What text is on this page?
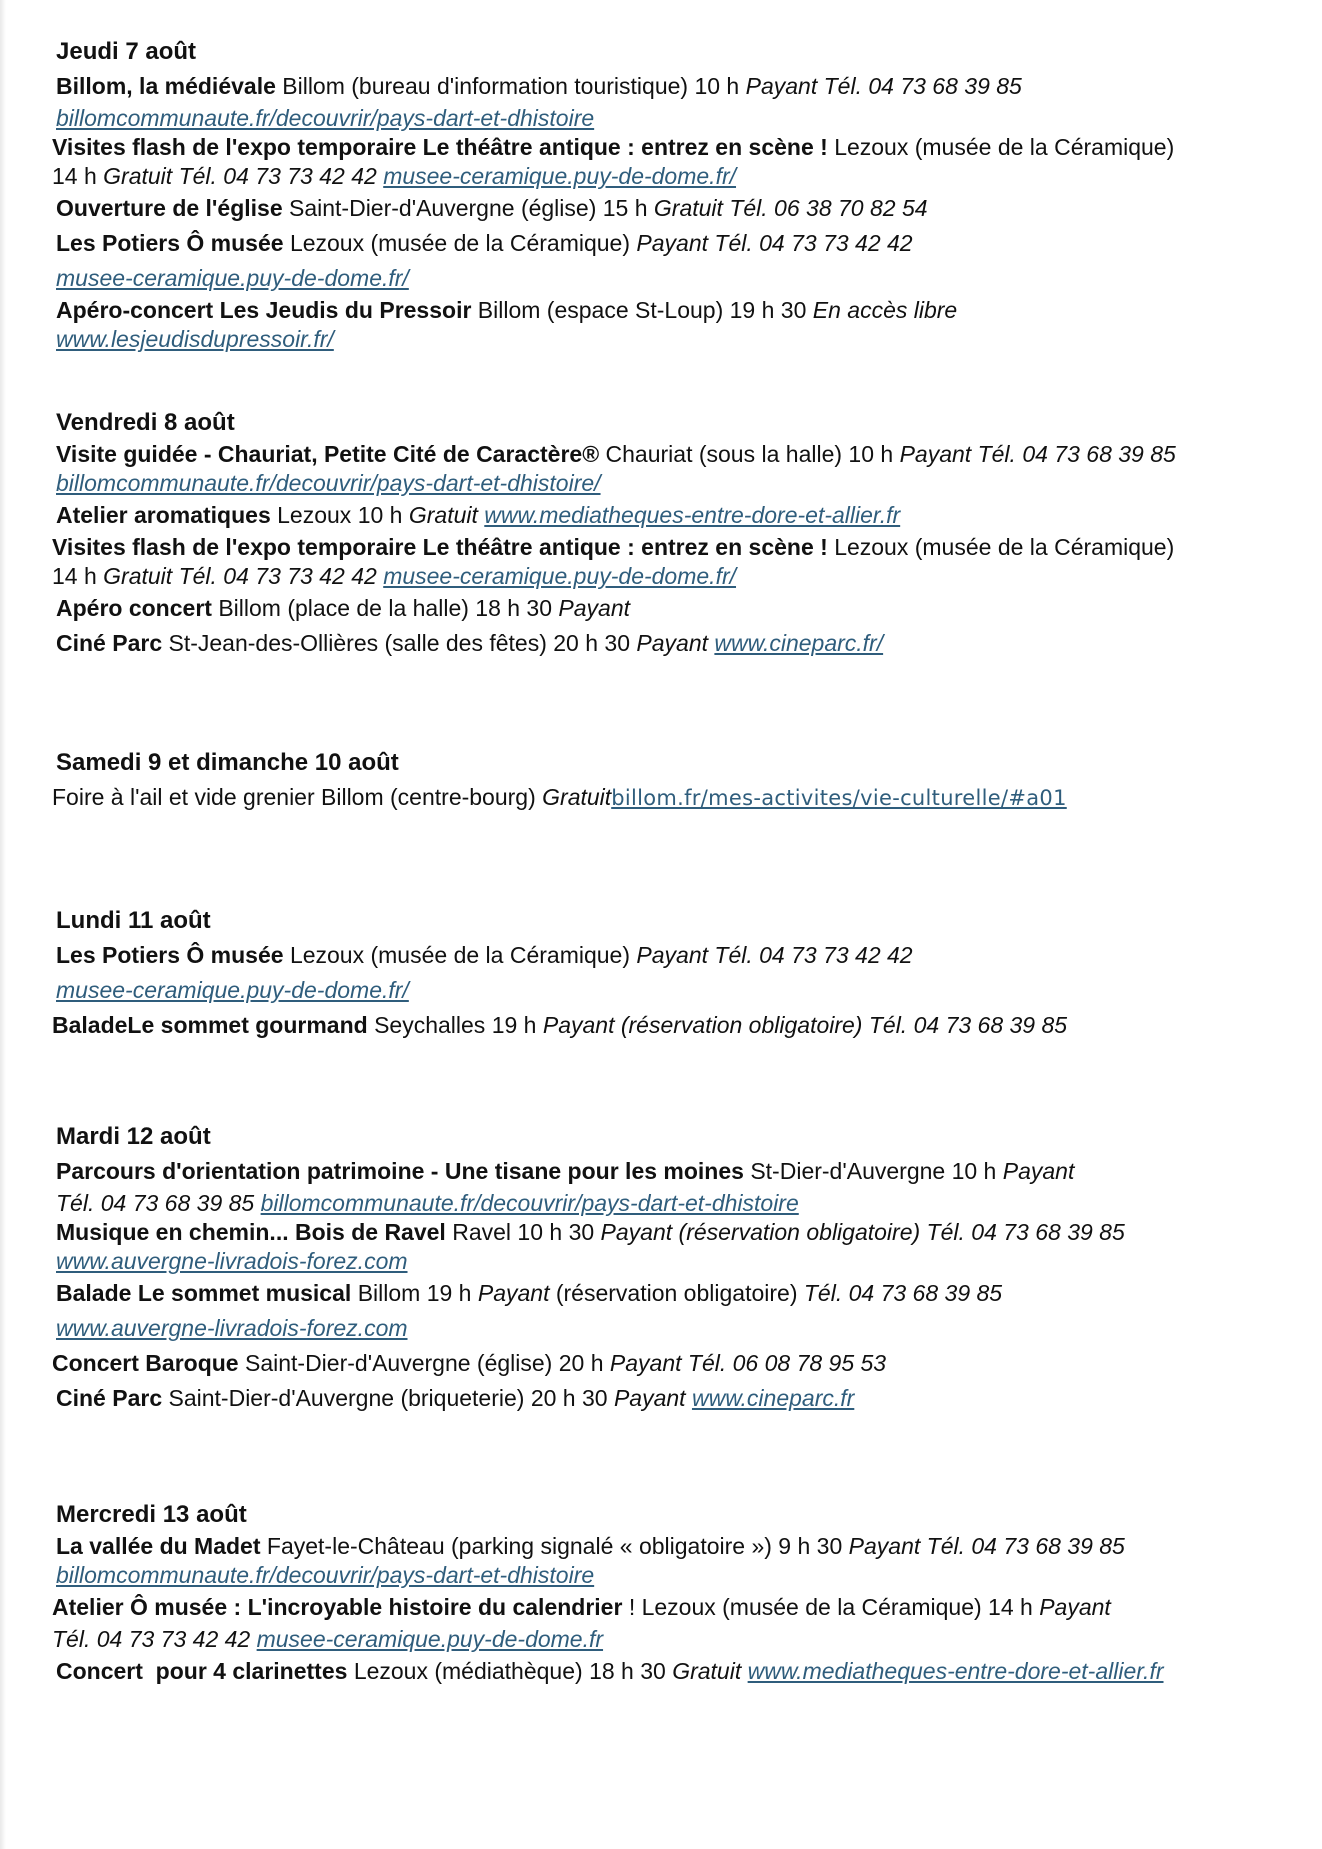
Jeudi 7 août
Billom, la médiévale Billom (bureau d'information touristique) 10 h Payant Tél. 04 73 68 39 85
billomcommunaute.fr/decouvrir/pays-dart-et-dhistoire
Visites flash de l'expo temporaire Le théâtre antique : entrez en scène ! Lezoux (musée de la Céramique)
14 h Gratuit Tél. 04 73 73 42 42 musee-ceramique.puy-de-dome.fr/
Ouverture de l'église Saint-Dier-d'Auvergne (église) 15 h Gratuit Tél. 06 38 70 82 54
Les Potiers Ô musée Lezoux (musée de la Céramique) Payant Tél. 04 73 73 42 42
musee-ceramique.puy-de-dome.fr/
Apéro-concert Les Jeudis du Pressoir Billom (espace St-Loup) 19 h 30 En accès libre
www.lesjeudisdupressoir.fr/
Vendredi 8 août
Visite guidée - Chauriat, Petite Cité de Caractère® Chauriat (sous la halle) 10 h Payant Tél. 04 73 68 39 85
billomcommunaute.fr/decouvrir/pays-dart-et-dhistoire/
Atelier aromatiques Lezoux 10 h Gratuit www.mediatheques-entre-dore-et-allier.fr
Visites flash de l'expo temporaire Le théâtre antique : entrez en scène ! Lezoux (musée de la Céramique)
14 h Gratuit Tél. 04 73 73 42 42 musee-ceramique.puy-de-dome.fr/
Apéro concert Billom (place de la halle) 18 h 30 Payant
Ciné Parc St-Jean-des-Ollières (salle des fêtes) 20 h 30 Payant www.cineparc.fr/
Samedi 9 et dimanche 10 août
Foire à l'ail et vide grenier Billom (centre-bourg) Gratuitbillom.fr/mes-activites/vie-culturelle/#a01
Lundi 11 août
Les Potiers Ô musée Lezoux (musée de la Céramique) Payant Tél. 04 73 73 42 42
musee-ceramique.puy-de-dome.fr/
BaladeLe sommet gourmand Seychalles 19 h Payant (réservation obligatoire) Tél. 04 73 68 39 85
Mardi 12 août
Parcours d'orientation patrimoine - Une tisane pour les moines St-Dier-d'Auvergne 10 h Payant
Tél. 04 73 68 39 85 billomcommunaute.fr/decouvrir/pays-dart-et-dhistoire
Musique en chemin... Bois de Ravel Ravel 10 h 30 Payant (réservation obligatoire) Tél. 04 73 68 39 85
www.auvergne-livradois-forez.com
Balade Le sommet musical Billom 19 h Payant (réservation obligatoire) Tél. 04 73 68 39 85
www.auvergne-livradois-forez.com
Concert Baroque Saint-Dier-d'Auvergne (église) 20 h Payant Tél. 06 08 78 95 53
Ciné Parc Saint-Dier-d'Auvergne (briqueterie) 20 h 30 Payant www.cineparc.fr
Mercredi 13 août
La vallée du Madet Fayet-le-Château (parking signalé « obligatoire ») 9 h 30 Payant Tél. 04 73 68 39 85
billomcommunaute.fr/decouvrir/pays-dart-et-dhistoire
Atelier Ô musée : L'incroyable histoire du calendrier ! Lezoux (musée de la Céramique) 14 h Payant
Tél. 04 73 73 42 42 musee-ceramique.puy-de-dome.fr
Concert  pour 4 clarinettes Lezoux (médiathèque) 18 h 30 Gratuit www.mediatheques-entre-dore-et-allier.fr
